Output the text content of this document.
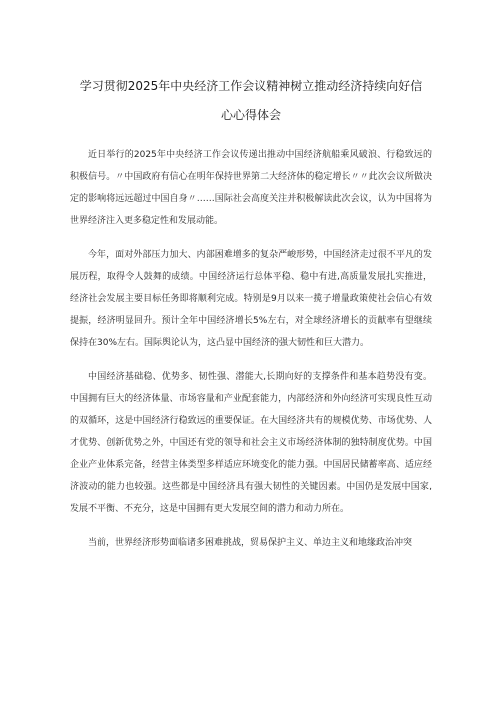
学习贯彻2025年中央经济工作会议精神树立推动经济持续向好信
心心得体会

近日举行的2025年中央经济工作会议传递出推动中国经济航船乘风破浪、行稳致远的积极信号。〃中国政府有信心在明年保持世界第二大经济体的稳定增长〃〃此次会议所做决定的影响将远远超过中国自身〃……国际社会高度关注并积极解读此次会议，认为中国将为世界经济注入更多稳定性和发展动能。

今年，面对外部压力加大、内部困难增多的复杂严峻形势，中国经济走过很不平凡的发展历程，取得令人鼓舞的成绩。中国经济运行总体平稳、稳中有进,高质量发展扎实推进，经济社会发展主要目标任务即将顺利完成。特别是9月以来一揽子增量政策使社会信心有效提振，经济明显回升。预计全年中国经济增长5%左右，对全球经济增长的贡献率有望继续保持在30%左右。国际舆论认为，这凸显中国经济的强大韧性和巨大潜力。

中国经济基础稳、优势多、韧性强、潜能大,长期向好的支撑条件和基本趋势没有变。中国拥有巨大的经济体量、市场容量和产业配套能力，内部经济和外向经济可实现良性互动的双循环，这是中国经济行稳致远的重要保证。在大国经济共有的规模优势、市场优势、人才优势、创新优势之外，中国还有党的领导和社会主义市场经济体制的独特制度优势。中国企业产业体系完备，经营主体类型多样适应环境变化的能力强。中国居民储蓄率高、适应经济波动的能力也较强。这些都是中国经济具有强大韧性的关键因素。中国仍是发展中国家,发展不平衡、不充分，这是中国拥有更大发展空间的潜力和动力所在。

当前，世界经济形势面临诸多困难挑战，贸易保护主义、单边主义和地缘政治冲突
